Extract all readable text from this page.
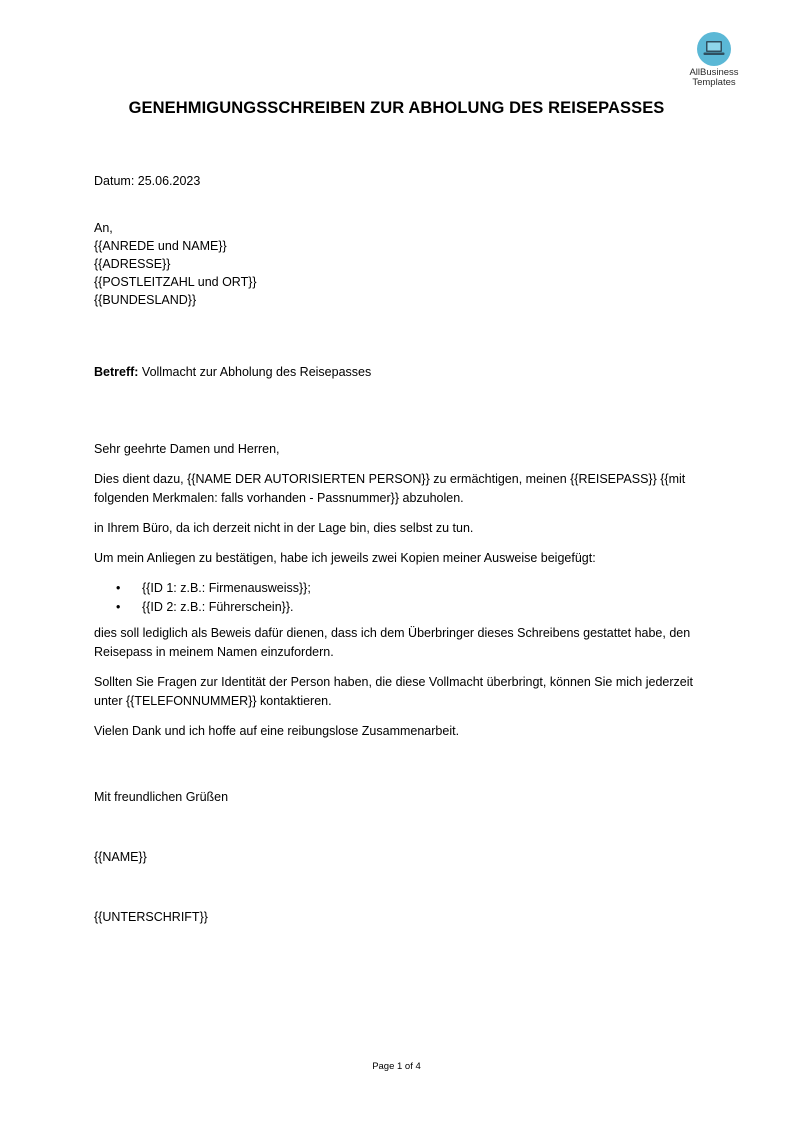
AllBusiness
Templates
GENEHMIGUNGSSCHREIBEN ZUR ABHOLUNG DES REISEPASSES

Datum: 25.06.2023

An,

{{ANREDE und NAME}}

{{ADRESSE}}

{{POSTLEITZAHL und ORT}}

{{BUNDESLAND}}

Betreff: Vollmacht zur Abholung des Reisepasses

Sehr geehrte Damen und Herren,

Dies dient dazu, {{NAME DER AUTORISIERTEN PERSON}} zu ermächtigen, meinen {{REISEPASS}} {{mit folgenden Merkmalen: falls vorhanden - Passnummer}} abzuholen.

in Ihrem Büro, da ich derzeit nicht in der Lage bin, dies selbst zu tun.

Um mein Anliegen zu bestätigen, habe ich jeweils zwei Kopien meiner Ausweise beigefügt:

• {{ID 1: z.B.: Firmenausweiss}};
• {{ID 2: z.B.: Führerschein}}.

dies soll lediglich als Beweis dafür dienen, dass ich dem Überbringer dieses Schreibens gestattet habe, den Reisepass in meinem Namen einzufordern.

Sollten Sie Fragen zur Identität der Person haben, die diese Vollmacht überbringt, können Sie mich jederzeit unter {{TELEFONNUMMER}} kontaktieren.

Vielen Dank und ich hoffe auf eine reibungslose Zusammenarbeit.

Mit freundlichen Grüßen

{{NAME}}

{{UNTERSCHRIFT}}

Page 1 of 4
